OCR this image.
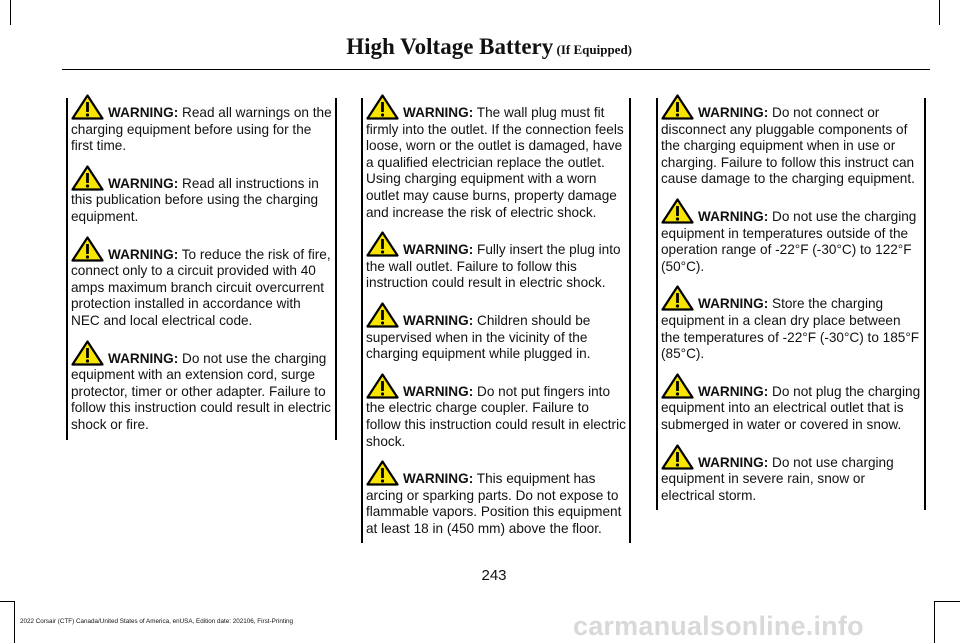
High Voltage Battery (If Equipped)

WARNING: Read all warnings on the charging equipment before using for the first time.

WARNING: Read all instructions in this publication before using the charging equipment.

WARNING: To reduce the risk of fire, connect only to a circuit provided with 40 amps maximum branch circuit overcurrent protection installed in accordance with NEC and local electrical code.

WARNING: Do not use the charging equipment with an extension cord, surge protector, timer or other adapter. Failure to follow this instruction could result in electric shock or fire.

WARNING: The wall plug must fit firmly into the outlet. If the connection feels loose, worn or the outlet is damaged, have a qualified electrician replace the outlet. Using charging equipment with a worn outlet may cause burns, property damage and increase the risk of electric shock.

WARNING: Fully insert the plug into the wall outlet. Failure to follow this instruction could result in electric shock.

WARNING: Children should be supervised when in the vicinity of the charging equipment while plugged in.

WARNING: Do not put fingers into the electric charge coupler. Failure to follow this instruction could result in electric shock.

WARNING: This equipment has arcing or sparking parts. Do not expose to flammable vapors. Position this equipment at least 18 in (450 mm) above the floor.

WARNING: Do not connect or disconnect any pluggable components of the charging equipment when in use or charging. Failure to follow this instruct can cause damage to the charging equipment.

WARNING: Do not use the charging equipment in temperatures outside of the operation range of -22°F (-30°C) to 122°F (50°C).

WARNING: Store the charging equipment in a clean dry place between the temperatures of -22°F (-30°C) to 185°F (85°C).

WARNING: Do not plug the charging equipment into an electrical outlet that is submerged in water or covered in snow.

WARNING: Do not use charging equipment in severe rain, snow or electrical storm.

243
2022 Corsair (CTF) Canada/United States of America, enUSA, Edition date: 202106, First-Printing	carmanualsonline.info
